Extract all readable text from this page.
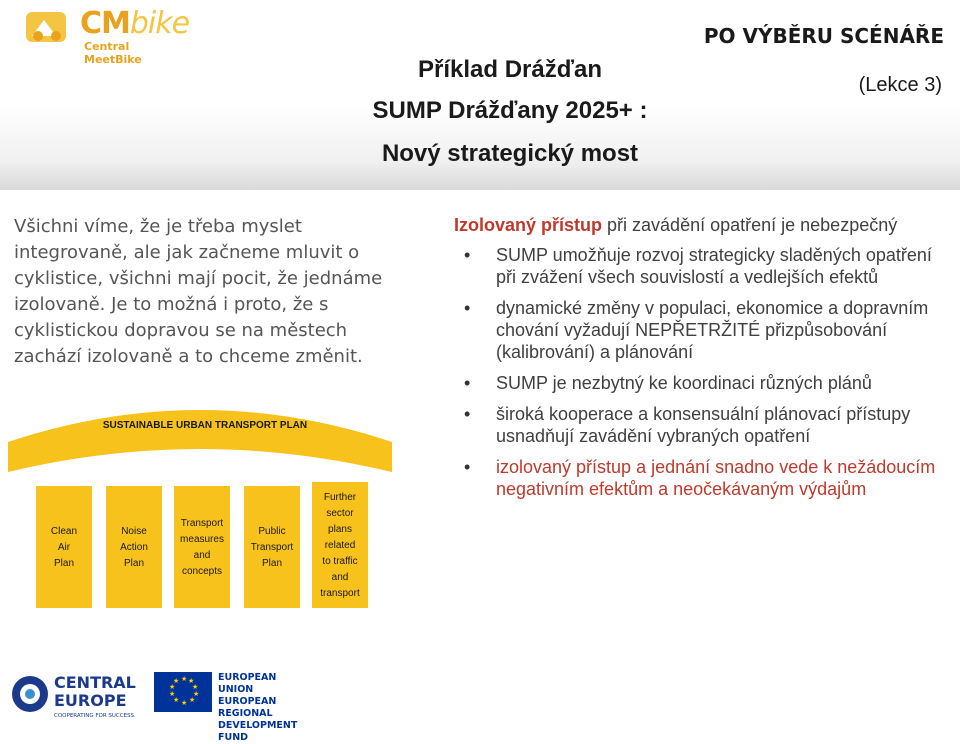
CMbike
Central MeetBike
PO VÝBĚRU SCÉNÁŘE
(Lekce 3)
Příklad Drážďan
SUMP Drážďany 2025+ :
Nový strategický most
Všichni víme, že je třeba myslet integrovaně, ale jak začneme mluvit o cyklistice, všichni mají pocit, že jednáme izolovaně. Je to možná i proto, že s cyklistickou dopravou se na městech zachází izolovaně a to chceme změnit.
Izolovaný přístup při zavádění opatření je nebezpečný
• SUMP umožňuje rozvoj strategicky sladěných opatření při zvážení všech souvislostí a vedlejších efektů
• dynamické změny v populaci, ekonomice a dopravním chování vyžadují NEPŘETRŽITÉ přizpůsobování (kalibrování) a plánování
• SUMP je nezbytný ke koordinaci různých plánů
• široká kooperace a konsensuální plánovací přístupy usnadňují zavádění vybraných opatření
• izolovaný přístup a jednání snadno vede k nežádoucím negativním efektům a neočekávaným výdajům
SUSTAINABLE URBAN TRANSPORT PLAN
Clean
Air
Plan
Noise
Action
Plan
Transport
measures
and
concepts
Public
Transport
Plan
Further
sector
plans
related
to traffic
and
transport
CENTRAL
EUROPE
COOPERATING FOR SUCCESS.
★ ★
★
★
★
★
★
★
★
★	EUROPEAN UNION
EUROPEAN REGIONAL
DEVELOPMENT FUND
